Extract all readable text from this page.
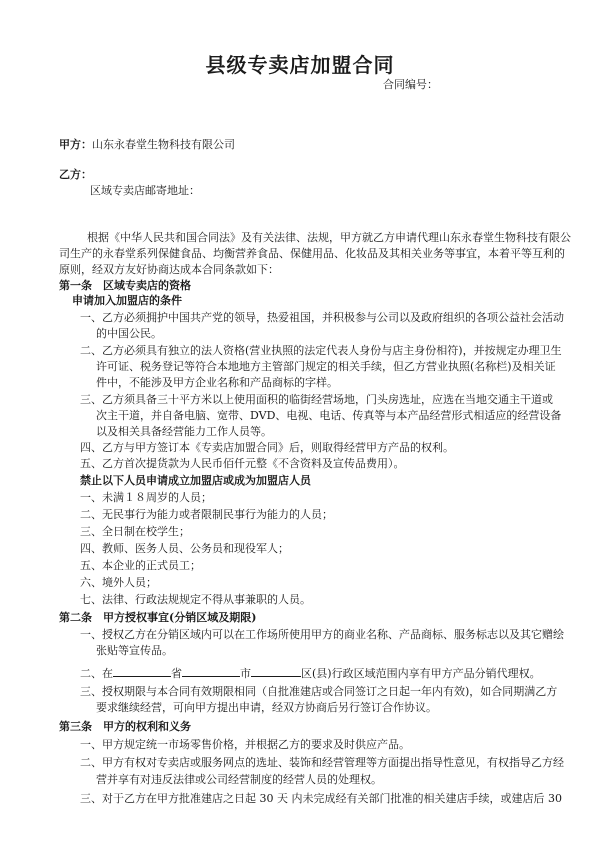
县级专卖店加盟合同
合同编号：
甲方：山东永春堂生物科技有限公司
乙方：
区域专卖店邮寄地址：
根据《中华人民共和国合同法》及有关法律、法规，甲方就乙方申请代理山东永春堂生物科技有限公
司生产的永春堂系列保健食品、均衡营养食品、保健用品、化妆品及其相关业务等事宜，本着平等互利的
原则，经双方友好协商达成本合同条款如下：
第一条　区域专卖店的资格
申请加入加盟店的条件
一、乙方必须拥护中国共产党的领导，热爱祖国，并积极参与公司以及政府组织的各项公益社会活动
的中国公民。
二、乙方必须具有独立的法人资格(营业执照的法定代表人身份与店主身份相符)，并按规定办理卫生
许可证、税务登记等符合本地地方主管部门规定的相关手续，但乙方营业执照(名称栏)及相关证
件中，不能涉及甲方企业名称和产品商标的字样。
三、乙方须具备三十平方米以上使用面积的临街经营场地，门头房选址，应选在当地交通主干道或
次主干道，并自备电脑、宽带、DVD、电视、电话、传真等与本产品经营形式相适应的经营设备
以及相关具备经营能力工作人员等。
四、乙方与甲方签订本《专卖店加盟合同》后，则取得经营甲方产品的权利。
五、乙方首次提货款为人民币佰仟元整《不含资料及宣传品费用）。
禁止以下人员申请成立加盟店或成为加盟店人员
一、未满１８周岁的人员；
二、无民事行为能力或者限制民事行为能力的人员；
三、全日制在校学生；
四、教师、医务人员、公务员和现役军人；
五、本企业的正式员工；
六、境外人员；
七、法律、行政法规规定不得从事兼职的人员。
第二条　甲方授权事宜(分销区域及期限)
一、授权乙方在分销区域内可以在工作场所使用甲方的商业名称、产品商标、服务标志以及其它赠绘
张贴等宣传品。
二、在	省	市	区(县)行政区域范围内享有甲方产品分销代理权。
三、授权期限与本合同有效期限相同（自批准建店或合同签订之日起一年内有效)，如合同期满乙方
要求继续经营，可向甲方提出申请，经双方协商后另行签订合作协议。
第三条　甲方的权利和义务
一、甲方规定统一市场零售价格，并根据乙方的要求及时供应产品。
二、甲方有权对专卖店或服务网点的选址、装饰和经营管理等方面提出指导性意见，有权指导乙方经
营并享有对违反法律或公司经营制度的经营人员的处理权。
三、对于乙方在甲方批准建店之日起 30 天 内未完成经有关部门批准的相关建店手续，或建店后 30
